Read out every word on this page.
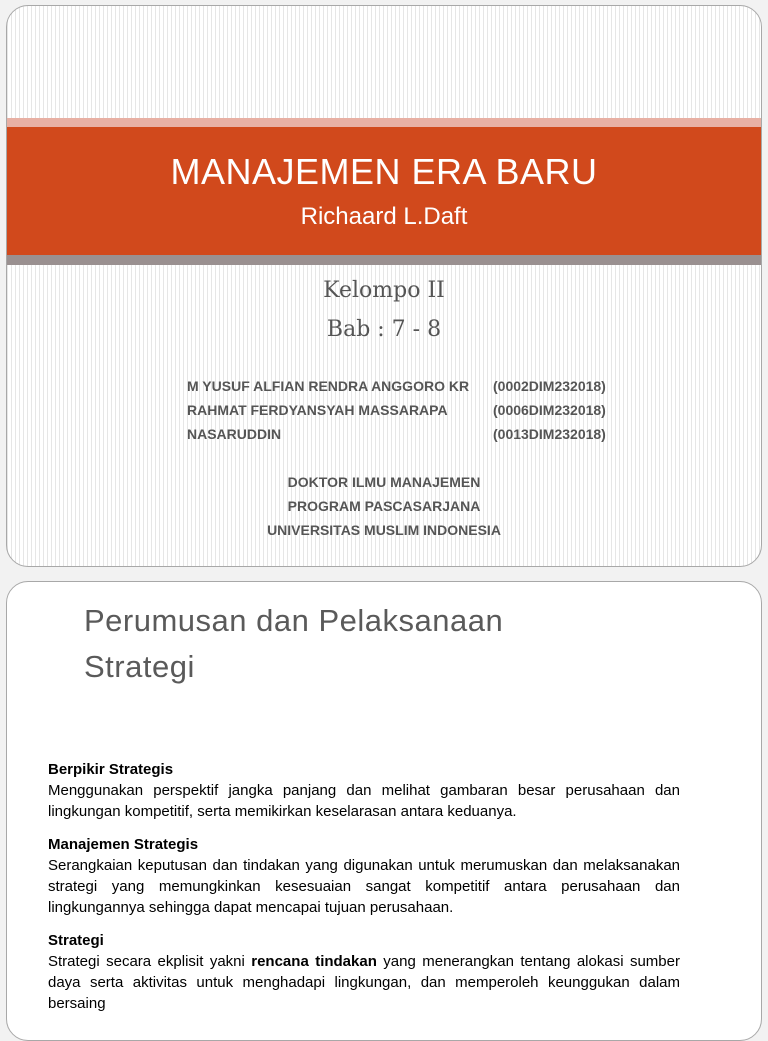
MANAJEMEN ERA BARU
Richaard L.Daft
Kelompo II
Bab : 7 - 8
M YUSUF ALFIAN RENDRA ANGGORO KR (0002DIM232018)
RAHMAT FERDYANSYAH MASSARAPA	(0006DIM232018)
NASARUDDIN	(0013DIM232018)
DOKTOR ILMU MANAJEMEN
PROGRAM PASCASARJANA
UNIVERSITAS MUSLIM INDONESIA
Perumusan dan Pelaksanaan
Strategi
Berpikir Strategis
Menggunakan perspektif jangka panjang dan melihat gambaran besar perusahaan dan lingkungan kompetitif, serta memikirkan keselarasan antara keduanya.
Manajemen Strategis
Serangkaian keputusan dan tindakan yang digunakan untuk merumuskan dan melaksanakan strategi yang memungkinkan kesesuaian sangat kompetitif antara perusahaan dan lingkungannya sehingga dapat mencapai tujuan perusahaan.
Strategi
Strategi secara ekplisit yakni rencana tindakan yang menerangkan tentang alokasi sumber daya serta aktivitas untuk menghadapi lingkungan, dan memperoleh keunggukan dalam bersaing
